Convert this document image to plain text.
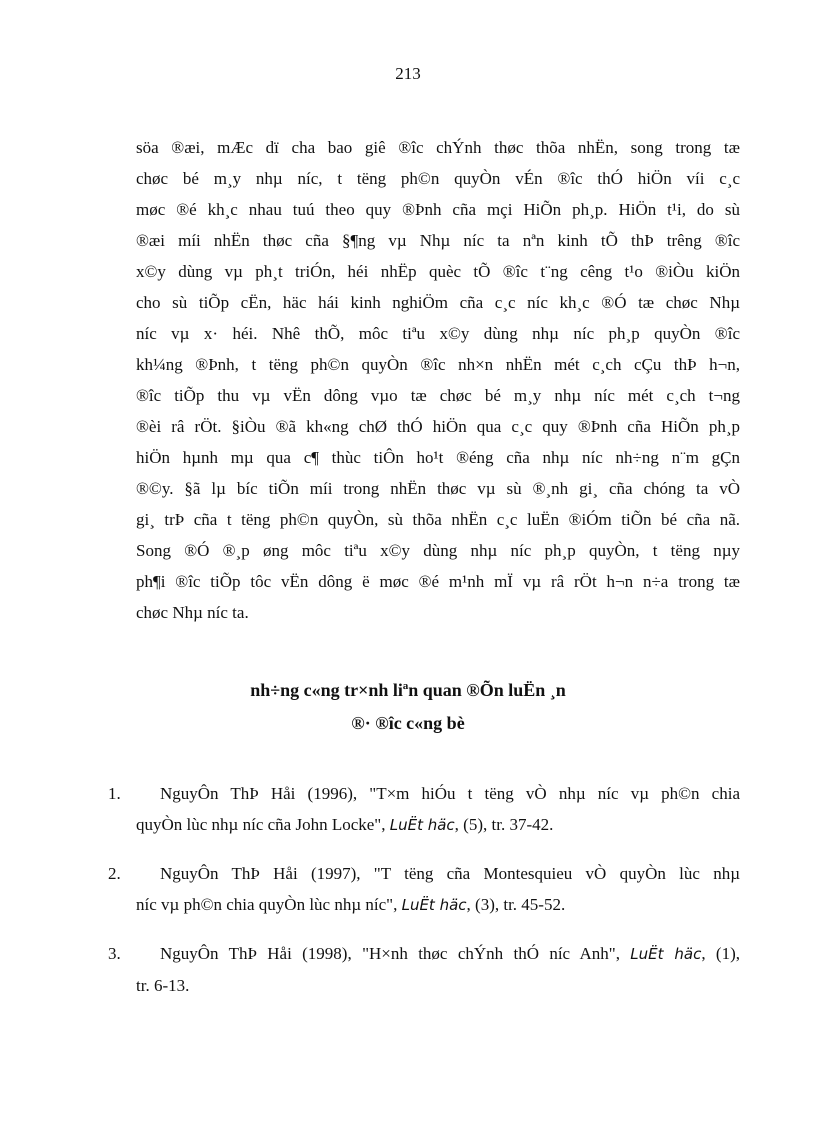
213
söa ®æi, mÆc dï cha bao giê ®îc chÝnh thøc thõa nhËn, song trong tæ
chøc bé m¸y nhµ níc, t tëng ph©n quyÒn vÉn ®îc thÓ hiÖn víi c¸c
møc ®é kh¸c nhau tuú theo quy ®Þnh cña mçi HiÕn ph¸p. HiÖn t¹i, do sù
®æi míi nhËn thøc cña §¶ng vµ Nhµ níc ta nªn kinh tÕ thÞ trêng ®îc
x©y dùng vµ ph¸t triÓn, héi nhËp quèc tÕ ®îc t¨ng cêng t¹o ®iÒu kiÖn
cho sù tiÕp cËn, häc hái kinh nghiÖm cña c¸c níc kh¸c ®Ó tæ chøc Nhµ
níc vµ x· héi. Nhê thÕ, môc tiªu x©y dùng nhµ níc ph¸p quyÒn ®îc
kh¼ng ®Þnh, t tëng ph©n quyÒn ®îc nh×n nhËn mét c¸ch cÇu thÞ h¬n,
®îc tiÕp thu vµ vËn dông vµo tæ chøc bé m¸y nhµ níc mét c¸ch t¬ng
®èi râ rÖt. §iÒu ®ã kh«ng chØ thÓ hiÖn qua c¸c quy ®Þnh cña HiÕn ph¸p
hiÖn hµnh mµ qua c¶ thùc tiÔn ho¹t ®éng cña nhµ níc nh÷ng n¨m gÇn
®©y. §ã lµ bíc tiÕn míi trong nhËn thøc vµ sù ®¸nh gi¸ cña chóng ta vÒ
gi¸ trÞ cña t tëng ph©n quyÒn, sù thõa nhËn c¸c luËn ®iÓm tiÕn bé cña nã.
Song ®Ó ®¸p øng môc tiªu x©y dùng nhµ níc ph¸p quyÒn, t tëng nµy
ph¶i ®îc tiÕp tôc vËn dông ë møc ®é m¹nh mÏ vµ râ rÖt h¬n n÷a trong tæ
chøc Nhµ níc ta.
nh÷ng c«ng tr×nh liªn quan ®Õn luËn ¸n
®· ®îc c«ng bè
1.	NguyÔn ThÞ Håi (1996), "T×m hiÓu t tëng vÒ nhµ níc vµ ph©n chia
quyÒn lùc nhµ níc cña John Locke", LuËt häc, (5), tr. 37-42.
2.	NguyÔn ThÞ Håi (1997), "T tëng cña Montesquieu vÒ quyÒn lùc nhµ
níc vµ ph©n chia quyÒn lùc nhµ níc", LuËt häc, (3), tr. 45-52.
3.	NguyÔn ThÞ Håi (1998), "H×nh thøc chÝnh thÓ níc Anh", LuËt häc, (1),
tr. 6-13.
